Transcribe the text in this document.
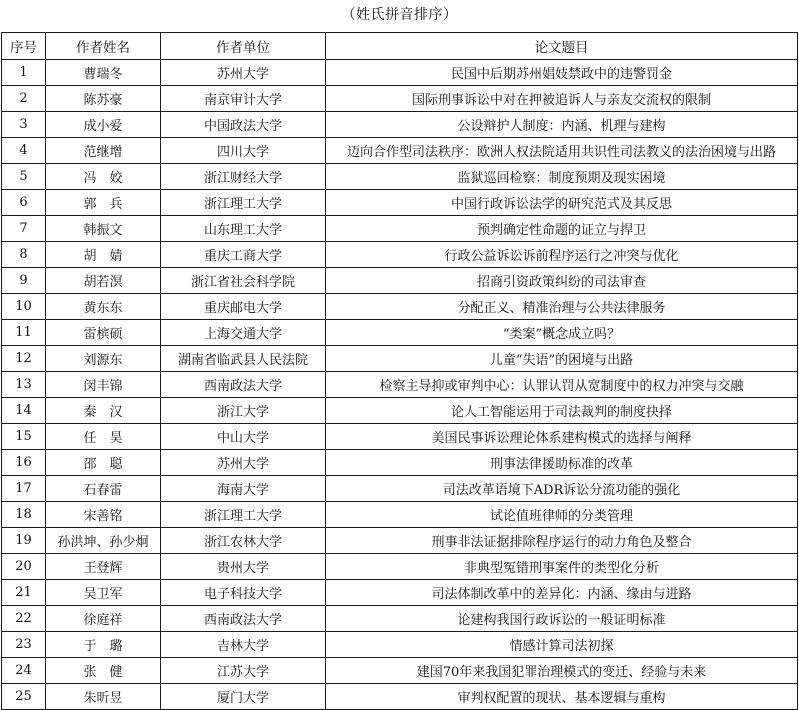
（姓氏拼音排序）
序号	作者姓名	作者单位	论文题目
1	曹瑞冬	苏州大学	民国中后期苏州娼妓禁政中的违警罚金
2	陈苏豪	南京审计大学	国际刑事诉讼中对在押被追诉人与亲友交流权的限制
3	成小爱	中国政法大学	公设辩护人制度：内涵、机理与建构
4	范继增	四川大学	迈向合作型司法秩序：欧洲人权法院适用共识性司法教义的法治困境与出路
5	冯　姣	浙江财经大学	监狱巡回检察：制度预期及现实困境
6	郭　兵	浙江理工大学	中国行政诉讼法学的研究范式及其反思
7	韩振文	山东理工大学	预判确定性命题的证立与捍卫
8	胡　婧	重庆工商大学	行政公益诉讼诉前程序运行之冲突与优化
9	胡若溟	浙江省社会科学院	招商引资政策纠纷的司法审查
10	黄东东	重庆邮电大学	分配正义、精准治理与公共法律服务
11	雷槟硕	上海交通大学	“类案”概念成立吗？
12	刘源东	湖南省临武县人民法院	儿童“失语”的困境与出路
13	闵丰锦	西南政法大学	检察主导抑或审判中心：认罪认罚从宽制度中的权力冲突与交融
14	秦　汉	浙江大学	论人工智能运用于司法裁判的制度抉择
15	任　昊	中山大学	美国民事诉讼理论体系建构模式的选择与阐释
16	邵　聪	苏州大学	刑事法律援助标准的改革
17	石春雷	海南大学	司法改革语境下ADR诉讼分流功能的强化
18	宋善铭	浙江理工大学	试论值班律师的分类管理
19	孙洪坤、孙少炯	浙江农林大学	刑事非法证据排除程序运行的动力角色及整合
20	王登辉	贵州大学	非典型冤错刑事案件的类型化分析
21	吴卫军	电子科技大学	司法体制改革中的差异化：内涵、缘由与进路
22	徐庭祥	西南政法大学	论建构我国行政诉讼的一般证明标准
23	于　璐	吉林大学	情感计算司法初探
24	张　健	江苏大学	建国70年来我国犯罪治理模式的变迁、经验与未来
25	朱昕昱	厦门大学	审判权配置的现状、基本逻辑与重构
